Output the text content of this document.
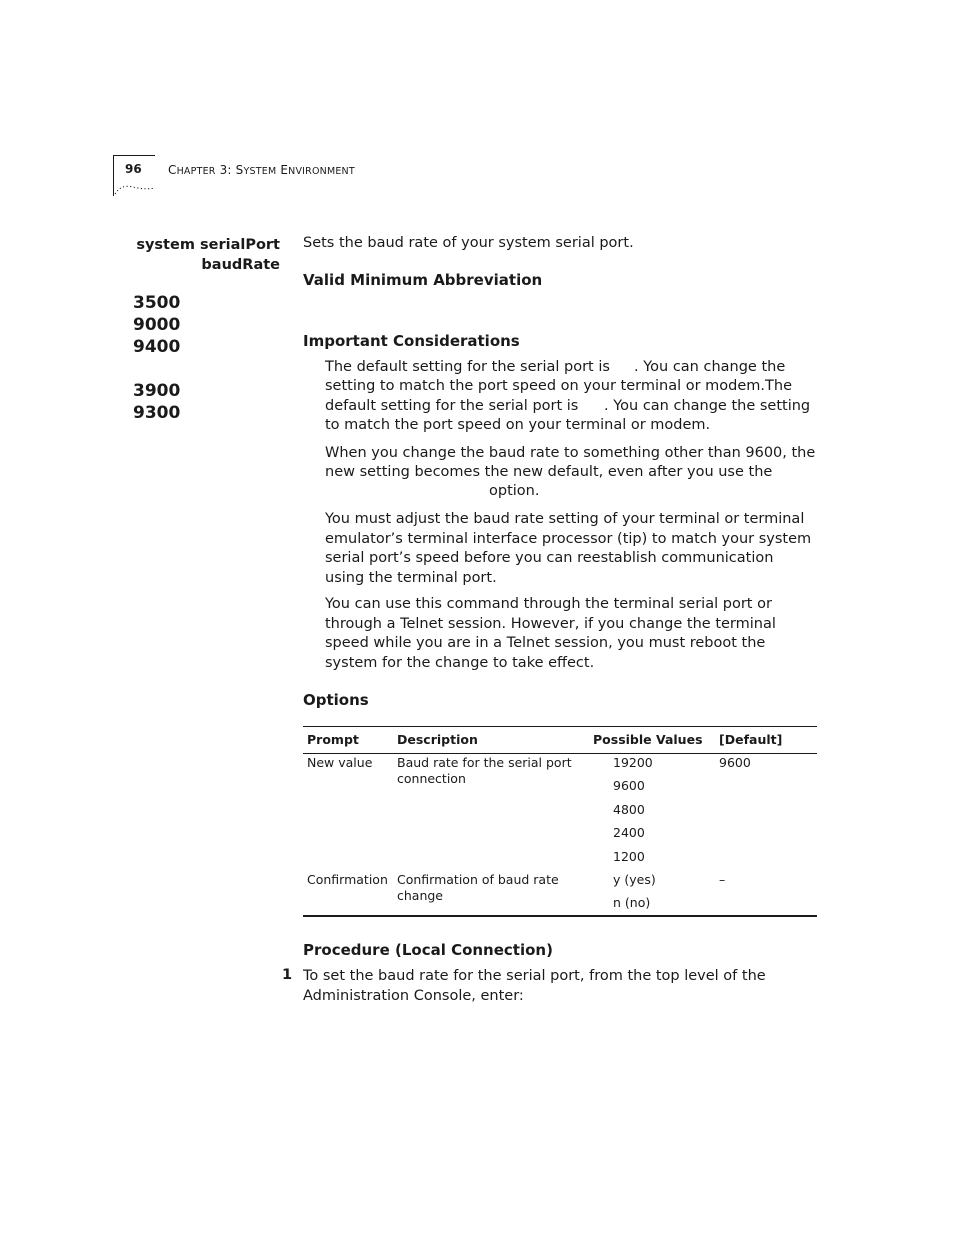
96 CHAPTER 3: SYSTEM ENVIRONMENT
system serialPort
baudRate
3500
9000
9400
3900
9300
Sets the baud rate of your system serial port.
Valid Minimum Abbreviation
Important Considerations
The default setting for the serial port is . You can change the
setting to match the port speed on your terminal or modem.The
default setting for the serial port is . You can change the setting
to match the port speed on your terminal or modem.
When you change the baud rate to something other than 9600, the
new setting becomes the new default, even after you use the
option.
You must adjust the baud rate setting of your terminal or terminal emulator’s terminal interface processor (tip) to match your system serial port’s speed before you can reestablish communication using the terminal port.
You can use this command through the terminal serial port or through a Telnet session. However, if you change the terminal speed while you are in a Telnet session, you must reboot the system for the change to take effect.
Options
Prompt	Description	Possible Values [Default]
New value Baud rate for the serial port connection
19200
9600
4800
2400
1200
9600
Confirmation Confirmation of baud rate change
y (yes)
n (no)
–
Procedure (Local Connection)
1 To set the baud rate for the serial port, from the top level of the Administration Console, enter:
